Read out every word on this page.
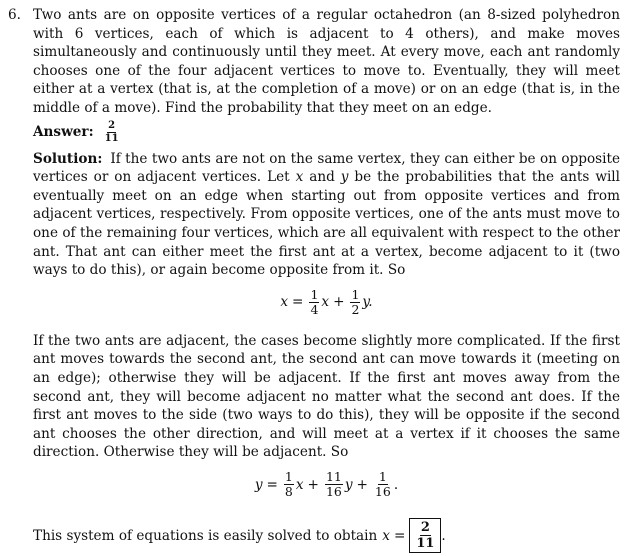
6. Two ants are on opposite vertices of a regular octahedron (an 8-sized polyhedron with 6 vertices, each of which is adjacent to 4 others), and make moves simultaneously and continuously until they meet. At every move, each ant randomly chooses one of the four adjacent vertices to move to. Eventually, they will meet either at a vertex (that is, at the completion of a move) or on an edge (that is, in the middle of a move). Find the probability that they meet on an edge.
Answer: $\frac{2}{11}$
Solution: If the two ants are not on the same vertex, they can either be on opposite vertices or on adjacent vertices. Let x and y be the probabilities that the ants will eventually meet on an edge when starting out from opposite vertices and from adjacent vertices, respectively. From opposite vertices, one of the ants must move to one of the remaining four vertices, which are all equivalent with respect to the other ant. That ant can either meet the first ant at a vertex, become adjacent to it (two ways to do this), or again become opposite from it. So
$x = \frac{1}{4}$ $x + \frac{1}{2} y$.
If the two ants are adjacent, the cases become slightly more complicated. If the first ant moves towards the second ant, the second ant can move towards it (meeting on an edge); otherwise they will be adjacent. If the first ant moves away from the second ant, they will become adjacent no matter what the second ant does. If the first ant moves to the side (two ways to do this), they will be opposite if the second ant chooses the other direction, and will meet at a vertex if it chooses the same direction. Otherwise they will be adjacent. So
$y = \frac{1}{8}$ $x + \frac{11}{16}$ $y + \frac{1}{16}$ .
This system of equations is easily solved to obtain $x = \frac{2}{11}$ .
